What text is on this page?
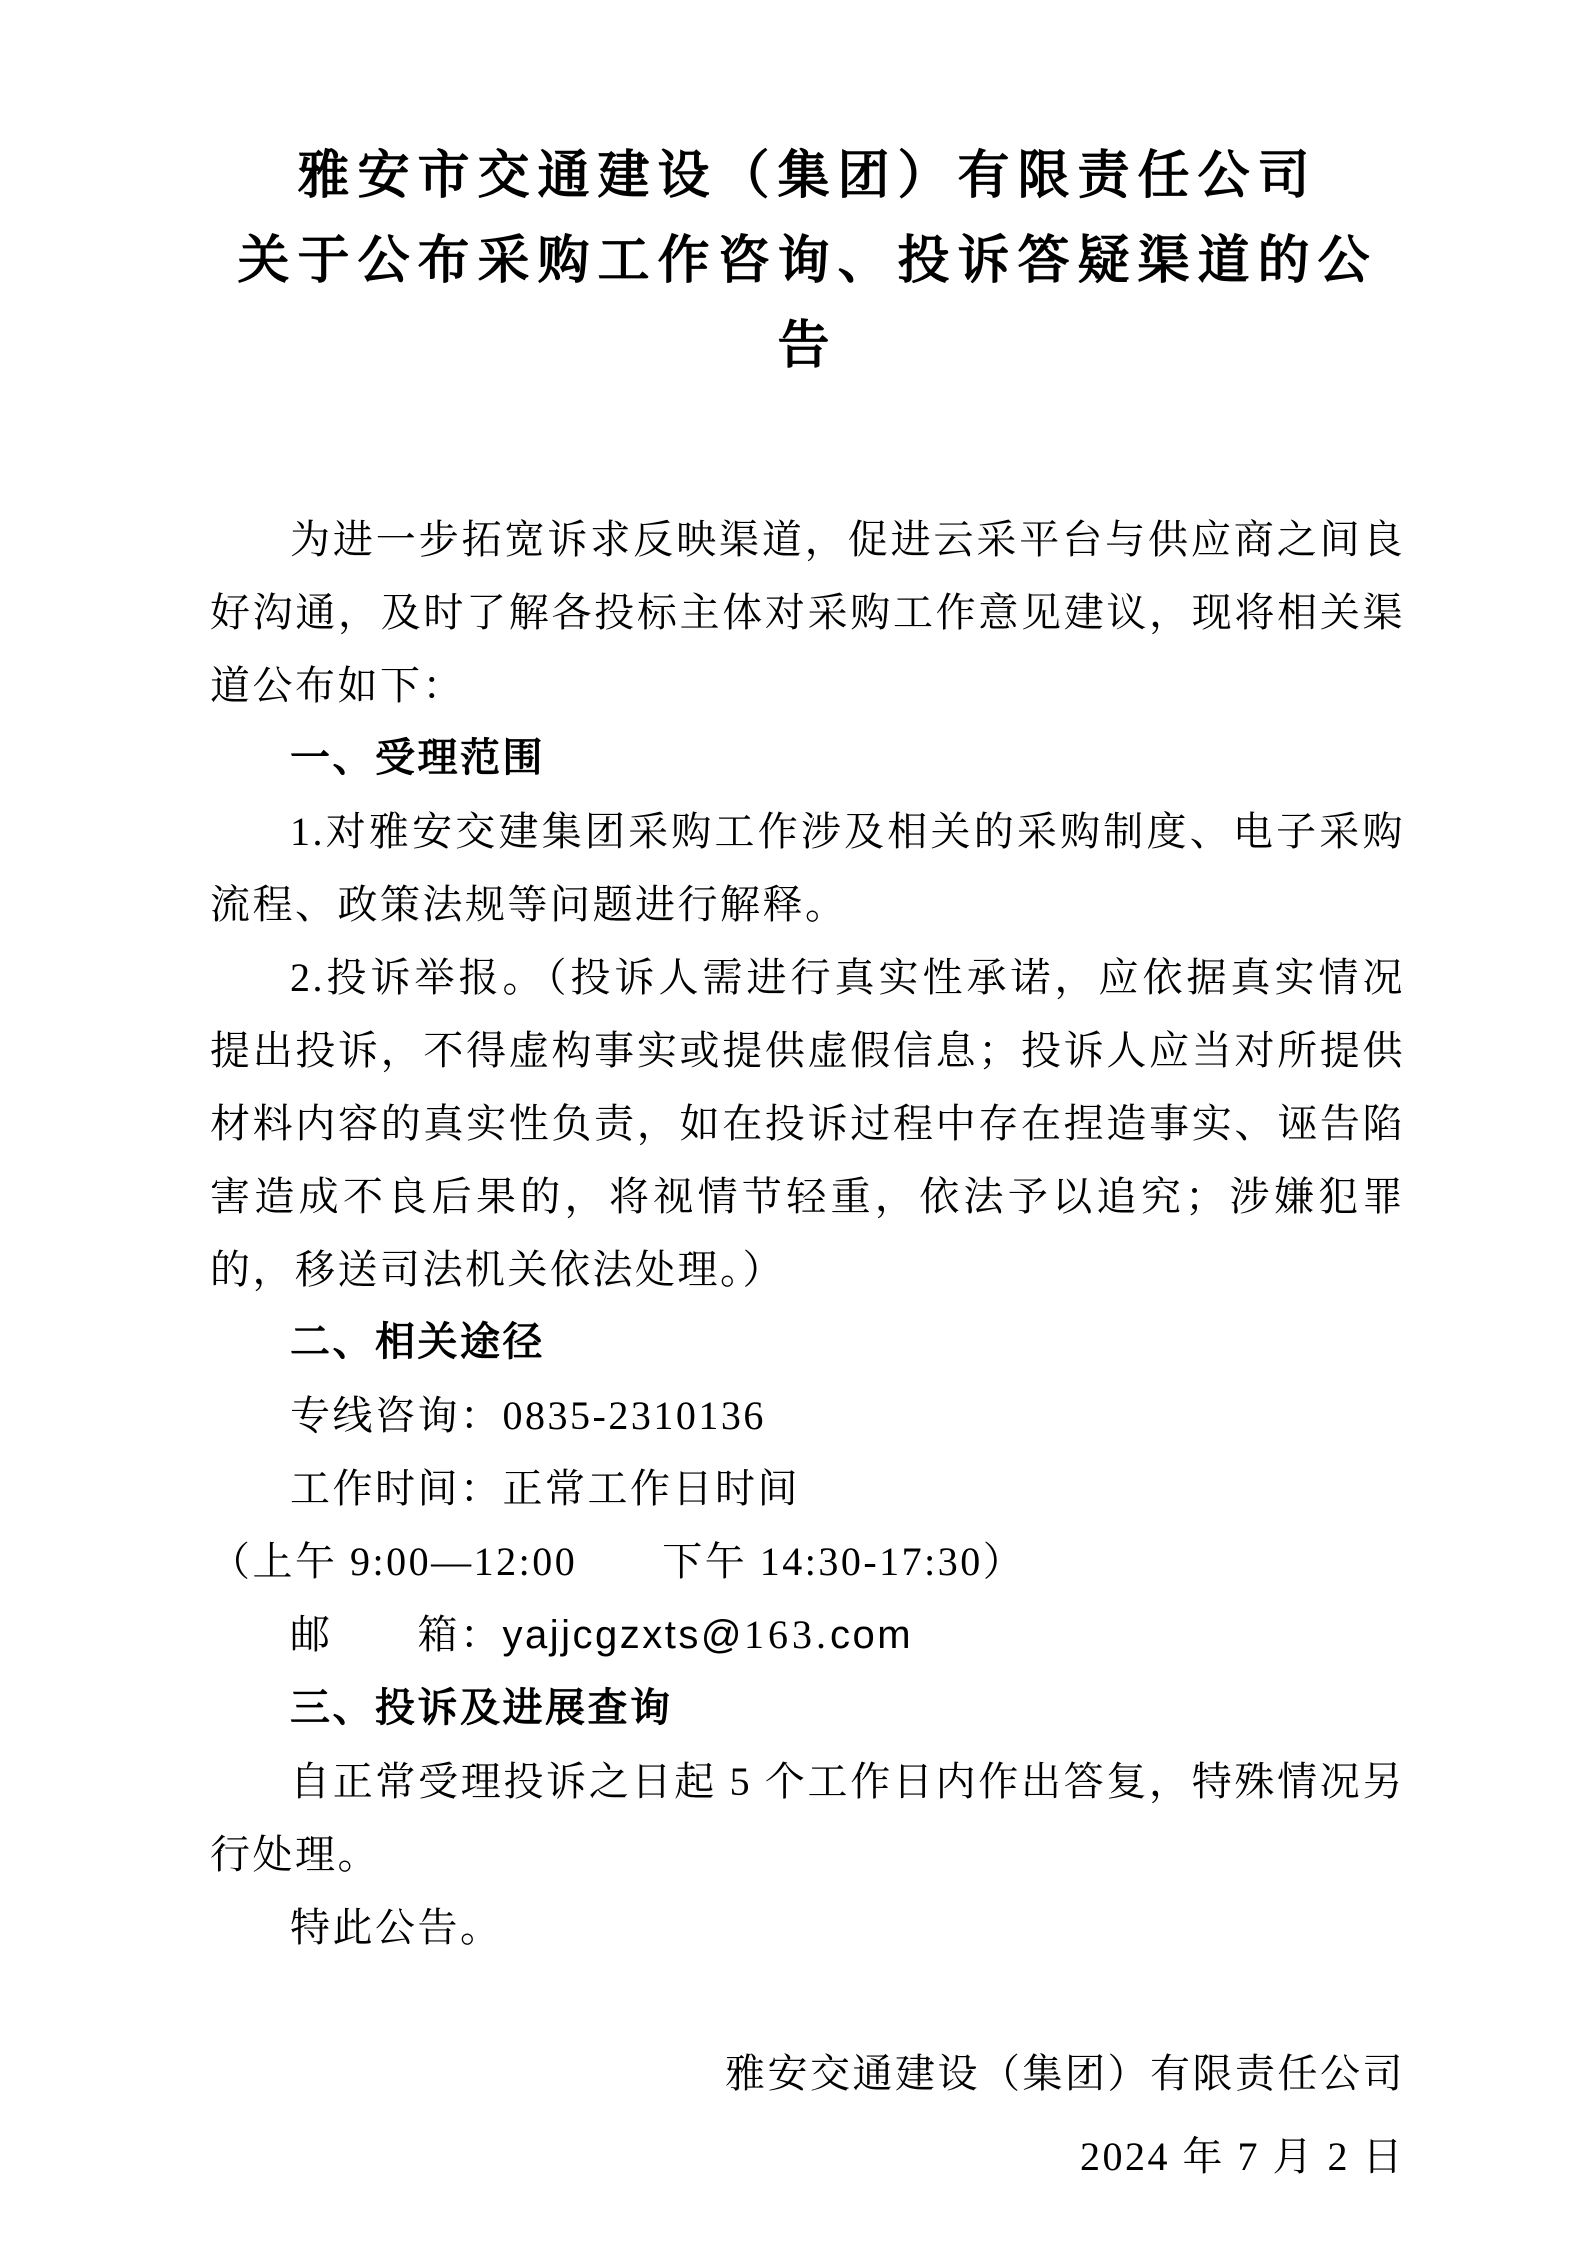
雅安市交通建设（集团）有限责任公司
关于公布采购工作咨询、投诉答疑渠道的公告

为进一步拓宽诉求反映渠道，促进云采平台与供应商之间良好沟通，及时了解各投标主体对采购工作意见建议，现将相关渠道公布如下：

一、受理范围

1.对雅安交建集团采购工作涉及相关的采购制度、电子采购流程、政策法规等问题进行解释。

2.投诉举报。（投诉人需进行真实性承诺，应依据真实情况提出投诉，不得虚构事实或提供虚假信息；投诉人应当对所提供材料内容的真实性负责，如在投诉过程中存在捏造事实、诬告陷害造成不良后果的，将视情节轻重，依法予以追究；涉嫌犯罪的，移送司法机关依法处理。）

二、相关途径

专线咨询：0835-2310136

工作时间：正常工作日时间

（上午 9:00—12:00　　下午 14:30-17:30）

邮　　箱：yajjcgzxts@163.com

三、投诉及进展查询

自正常受理投诉之日起 5 个工作日内作出答复，特殊情况另行处理。

特此公告。

雅安交通建设（集团）有限责任公司

2024 年 7 月 2 日
